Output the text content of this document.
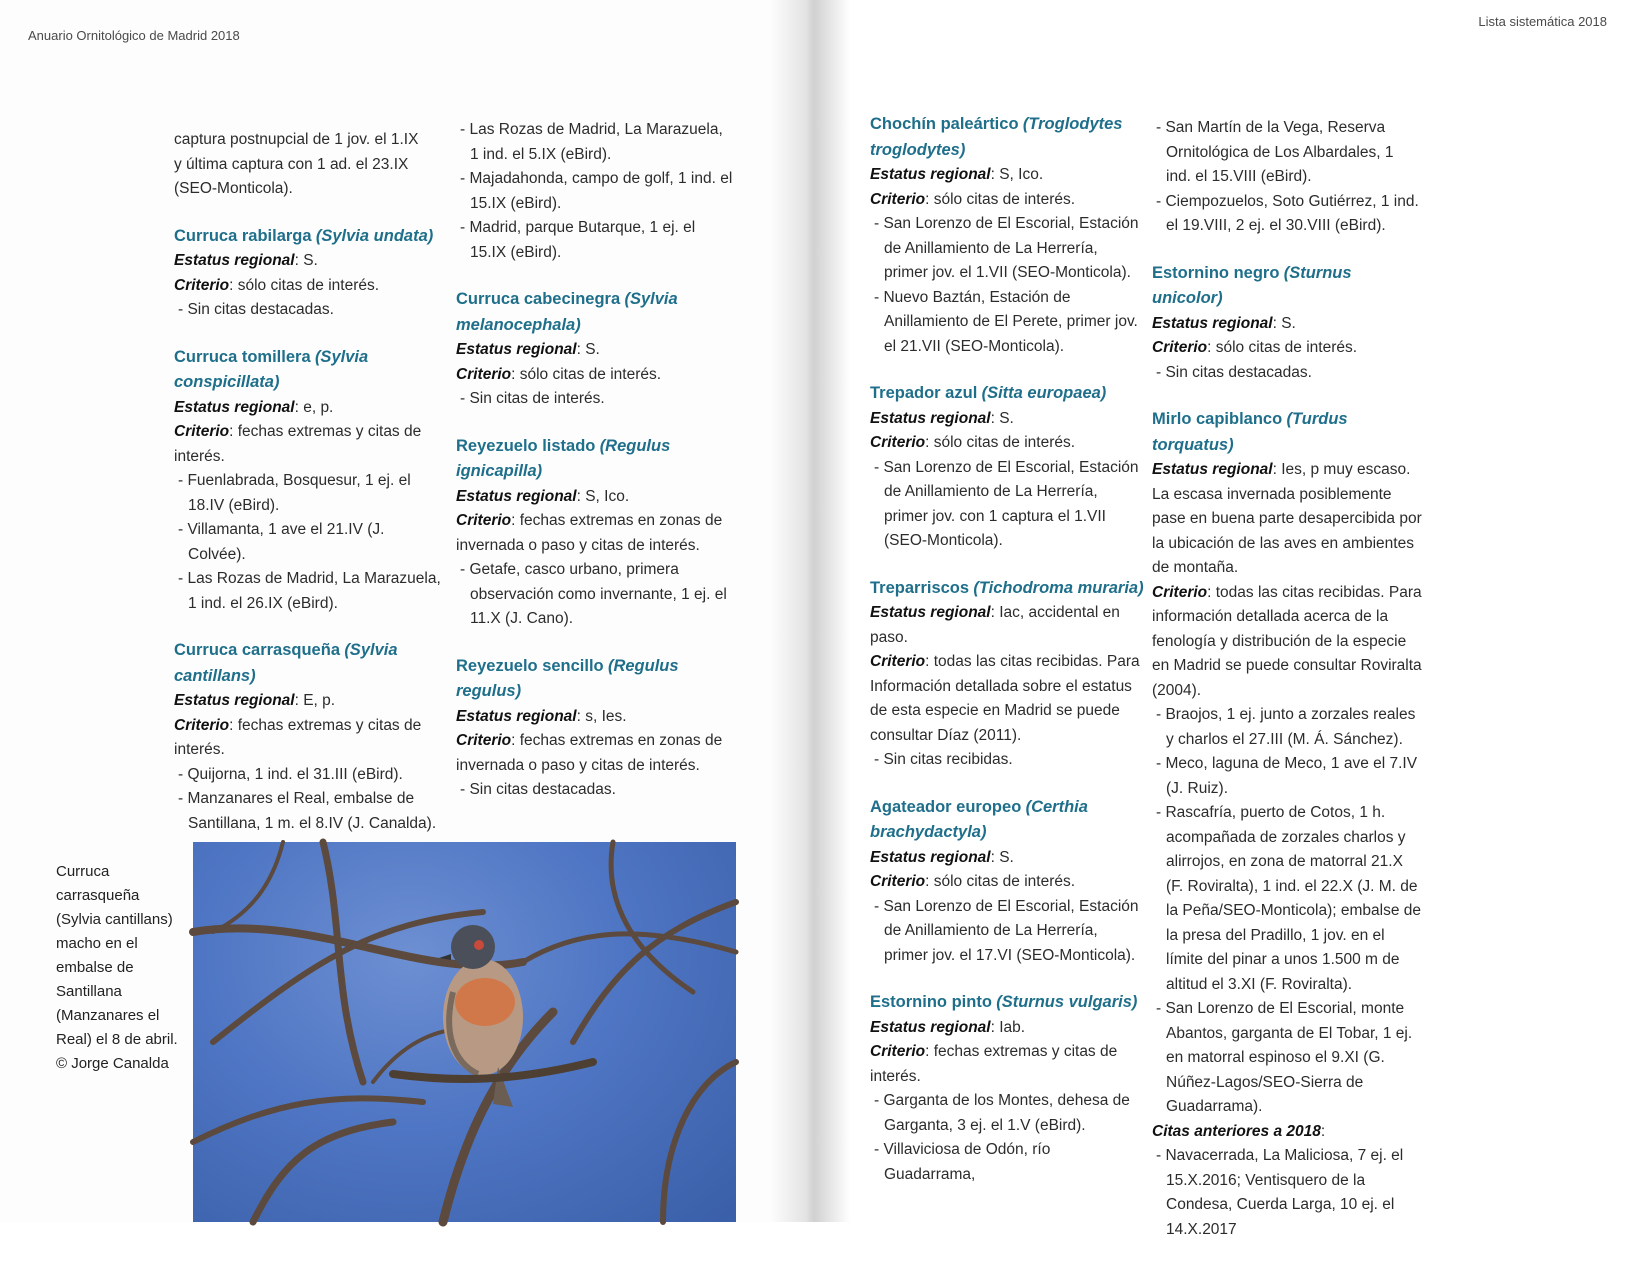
Anuario Ornitológico de Madrid 2018

captura postnupcial de 1 jov. el 1.IX

y última captura con 1 ad. el 23.IX

(SEO-Monticola).

Curruca rabilarga (Sylvia undata)

Estatus regional: S.

Criterio: sólo citas de interés.

- Sin citas destacadas.

Curruca tomillera (Sylvia conspicillata)

Estatus regional: e, p.

Criterio: fechas extremas y citas de interés.

- Fuenlabrada, Bosquesur, 1 ej. el 18.IV (eBird).

- Villamanta, 1 ave el 21.IV (J. Colvée).

- Las Rozas de Madrid, La Marazuela, 1 ind. el 26.IX (eBird).

Curruca carrasqueña (Sylvia cantillans)

Estatus regional: E, p.

Criterio: fechas extremas y citas de interés.

- Quijorna, 1 ind. el 31.III (eBird).

- Manzanares el Real, embalse de Santillana, 1 m. el 8.IV (J. Canalda).

- Las Rozas de Madrid, La Marazuela, 1 ind. el 5.IX (eBird).

- Majadahonda, campo de golf, 1 ind. el 15.IX (eBird).

- Madrid, parque Butarque, 1 ej. el 15.IX (eBird).

Curruca cabecinegra (Sylvia melanocephala)

Estatus regional: S.

Criterio: sólo citas de interés.

- Sin citas de interés.

Reyezuelo listado (Regulus ignicapilla)

Estatus regional: S, Ico.

Criterio: fechas extremas en zonas de invernada o paso y citas de interés.

- Getafe, casco urbano, primera observación como invernante, 1 ej. el 11.X (J. Cano).

Reyezuelo sencillo (Regulus regulus)

Estatus regional: s, Ies.

Criterio: fechas extremas en zonas de invernada o paso y citas de interés.

- Sin citas destacadas.

Curruca carrasqueña (Sylvia cantillans) macho en el embalse de Santillana (Manzanares el Real) el 8 de abril. © Jorge Canalda
Lista sistemática 2018
Chochín paleártico (Troglodytes troglodytes)

Estatus regional: S, Ico.

Criterio: sólo citas de interés.

- San Lorenzo de El Escorial, Estación de Anillamiento de La Herrería, primer jov. el 1.VII (SEO-Monticola).

- Nuevo Baztán, Estación de Anillamiento de El Perete, primer jov. el 21.VII (SEO-Monticola).

Trepador azul (Sitta europaea)

Estatus regional: S.

Criterio: sólo citas de interés.

- San Lorenzo de El Escorial, Estación de Anillamiento de La Herrería, primer jov. con 1 captura el 1.VII (SEO-Monticola).

Treparriscos (Tichodroma muraria)

Estatus regional: Iac, accidental en paso.

Criterio: todas las citas recibidas. Para Información detallada sobre el estatus de esta especie en Madrid se puede consultar Díaz (2011).

- Sin citas recibidas.

Agateador europeo (Certhia brachydactyla)

Estatus regional: S.

Criterio: sólo citas de interés.

- San Lorenzo de El Escorial, Estación de Anillamiento de La Herrería, primer jov. el 17.VI (SEO-Monticola).

Estornino pinto (Sturnus vulgaris)

Estatus regional: Iab.

Criterio: fechas extremas y citas de interés.

- Garganta de los Montes, dehesa de Garganta, 3 ej. el 1.V (eBird).

- Villaviciosa de Odón, río Guadarrama,

- San Martín de la Vega, Reserva Ornitológica de Los Albardales, 1 ind. el 15.VIII (eBird).

- Ciempozuelos, Soto Gutiérrez, 1 ind. el 19.VIII, 2 ej. el 30.VIII (eBird).

Estornino negro (Sturnus unicolor)

Estatus regional: S.

Criterio: sólo citas de interés.

- Sin citas destacadas.

Mirlo capiblanco (Turdus torquatus)

Estatus regional: Ies, p muy escaso. La escasa invernada posiblemente pase en buena parte desapercibida por la ubicación de las aves en ambientes de montaña.

Criterio: todas las citas recibidas. Para información detallada acerca de la fenología y distribución de la especie en Madrid se puede consultar Roviralta (2004).

- Braojos, 1 ej. junto a zorzales reales y charlos el 27.III (M. Á. Sánchez).

- Meco, laguna de Meco, 1 ave el 7.IV (J. Ruiz).

- Rascafría, puerto de Cotos, 1 h. acompañada de zorzales charlos y alirrojos, en zona de matorral 21.X (F. Roviralta), 1 ind. el 22.X (J. M. de la Peña/SEO-Monticola); embalse de la presa del Pradillo, 1 jov. en el límite del pinar a unos 1.500 m de altitud el 3.XI (F. Roviralta).

- San Lorenzo de El Escorial, monte Abantos, garganta de El Tobar, 1 ej. en matorral espinoso el 9.XI (G. Núñez-Lagos/SEO-Sierra de Guadarrama).

Citas anteriores a 2018:

- Navacerrada, La Maliciosa, 7 ej. el 15.X.2016; Ventisquero de la Condesa, Cuerda Larga, 10 ej. el 14.X.2017
